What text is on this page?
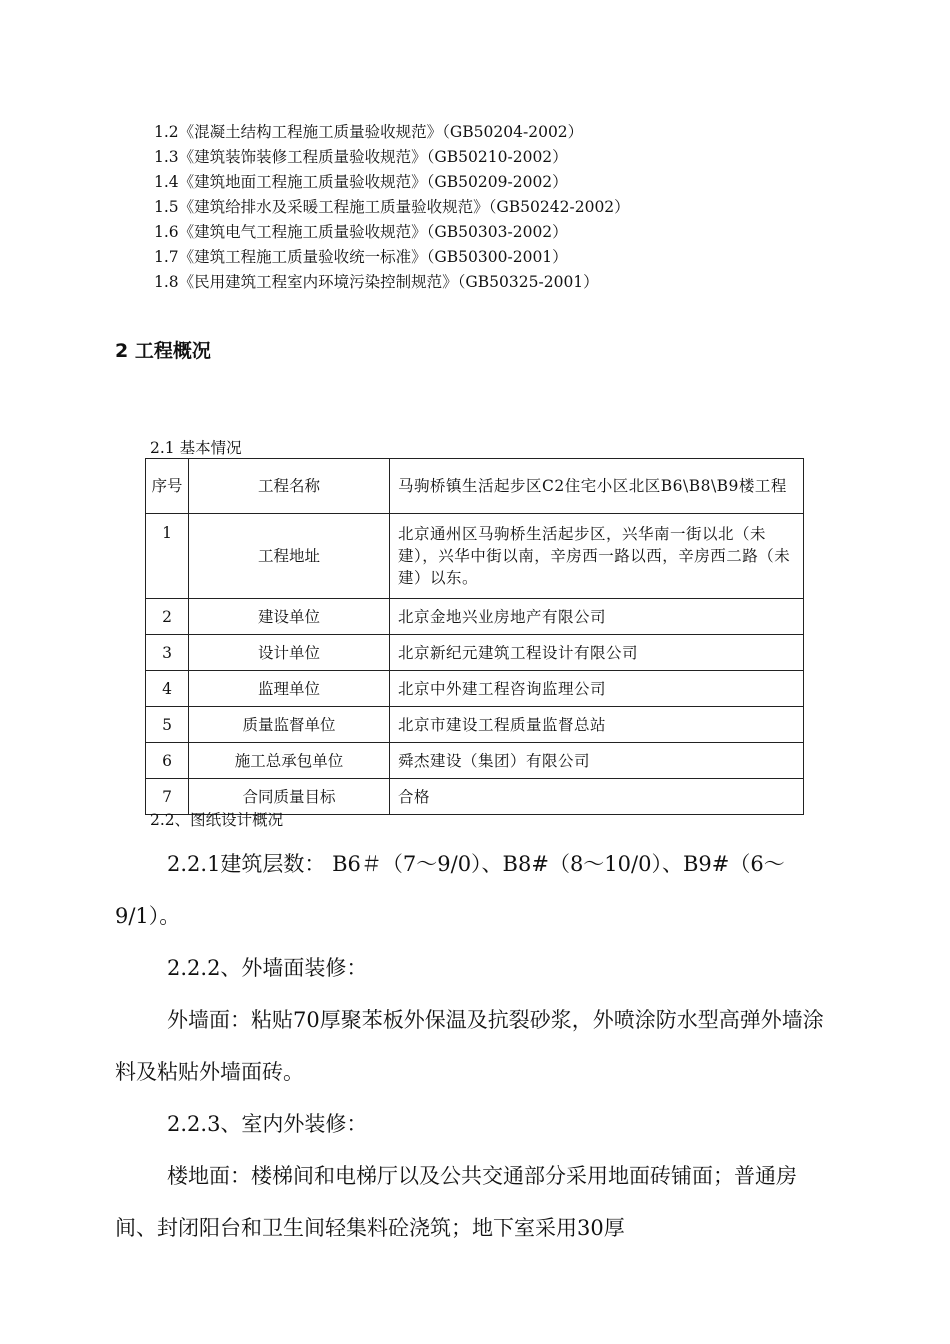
1.2《混凝土结构工程施工质量验收规范》（GB50204-2002）
1.3《建筑装饰装修工程质量验收规范》（GB50210-2002）
1.4《建筑地面工程施工质量验收规范》（GB50209-2002）
1.5《建筑给排水及采暖工程施工质量验收规范》（GB50242-2002）
1.6《建筑电气工程施工质量验收规范》（GB50303-2002）
1.7《建筑工程施工质量验收统一标准》（GB50300-2001）
1.8《民用建筑工程室内环境污染控制规范》（GB50325-2001）
2 工程概况
2.1 基本情况
序号	工程名称	马驹桥镇生活起步区C2住宅小区北区B6\B8\B9楼工程
1	工程地址	北京通州区马驹桥生活起步区，兴华南一街以北（未建），兴华中街以南，辛房西一路以西，辛房西二路（未建）以东。
2	建设单位	北京金地兴业房地产有限公司
3	设计单位	北京新纪元建筑工程设计有限公司
4	监理单位	北京中外建工程咨询监理公司
5	质量监督单位	北京市建设工程质量监督总站
6	施工总承包单位	舜杰建设（集团）有限公司
7	合同质量目标	合格
2.2、图纸设计概况

2.2.1建筑层数： B6＃（7～9/0）、B8#（8～10/0）、B9#（6～9/1）。

2.2.2、外墙面装修：

外墙面：粘贴70厚聚苯板外保温及抗裂砂浆，外喷涂防水型高弹外墙涂料及粘贴外墙面砖。

2.2.3、室内外装修：

楼地面：楼梯间和电梯厅以及公共交通部分采用地面砖铺面；普通房间、封闭阳台和卫生间轻集料砼浇筑；地下室采用30厚
